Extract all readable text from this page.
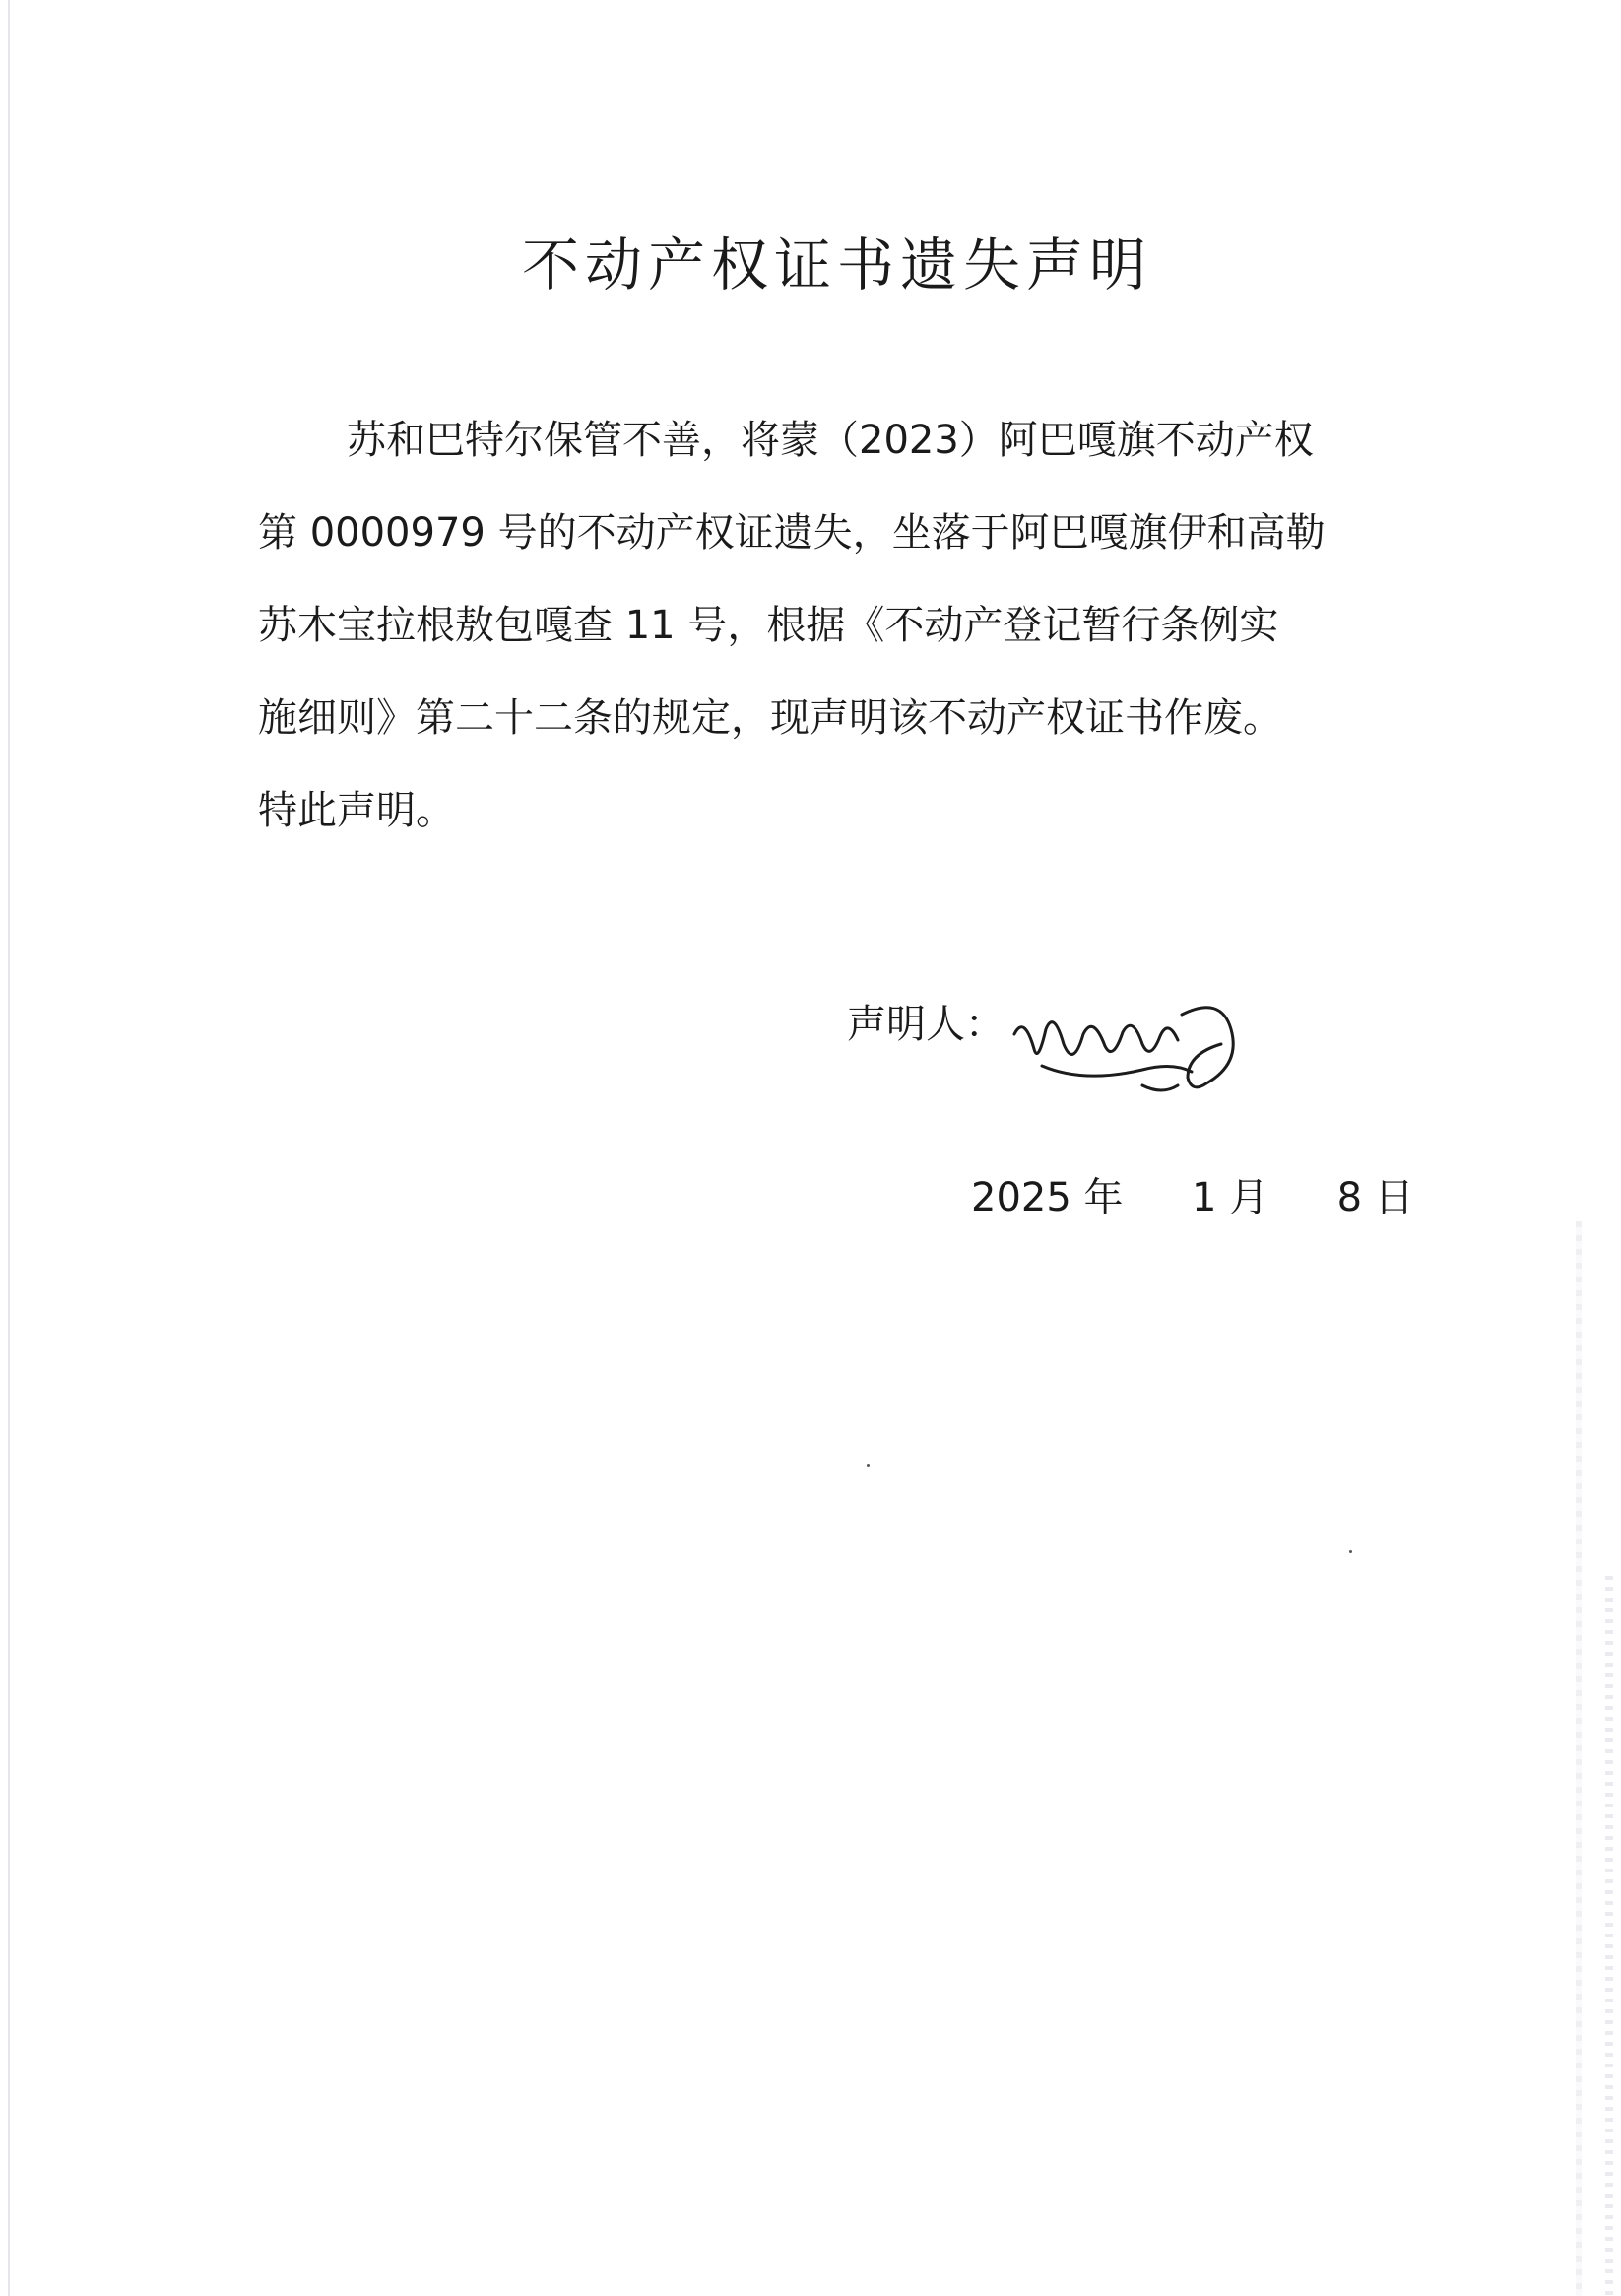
不动产权证书遗失声明

苏和巴特尔保管不善，将蒙（2023）阿巴嘎旗不动产权
第 0000979 号的不动产权证遗失，坐落于阿巴嘎旗伊和高勒
苏木宝拉根敖包嘎查 11 号，根据《不动产登记暂行条例实
施细则》第二十二条的规定，现声明该不动产权证书作废。
特此声明。

声明人：
2025 年 1 月 8 日
